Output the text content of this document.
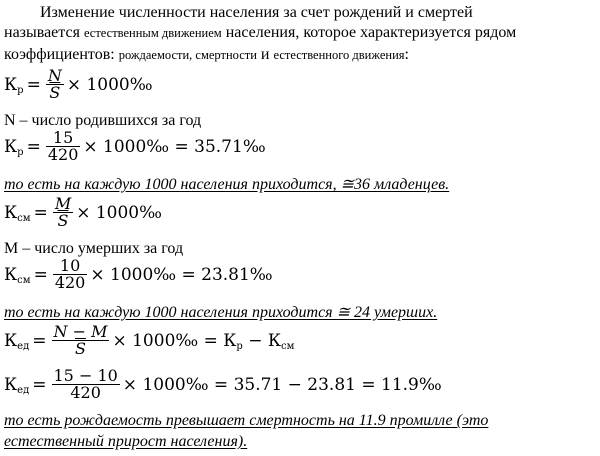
Изменение численности населения за счет рождений и смертей
называется естественным движением населения, которое характеризуется рядом
коэффициентов: рождаемости, смертности и естественного движения:
$К_р = \frac{N}{S}$ × 1000‰
N – число родившихся за год
$К_р = \frac{15}{420}$ × 1000‰ = 35.71‰
то есть на каждую 1000 населения приходится, ≅36 младенцев.
$К_{см} = \frac{M}{S}$ × 1000‰
M – число умерших за год
$К_{см} = \frac{10}{420}$ × 1000‰ = 23.81‰
то есть на каждую 1000 населения приходится ≅ 24 умерших.
$К_{ед} = \frac{N - M}{S}$ × 1000‰ = $К_р - К_{см}$
$К_{ед} = \frac{15 - 10}{420}$ × 1000‰ = 35.71 − 23.81 = 11.9‰
то есть рождаемость превышает смертность на 11.9 промилле (это
естественный прирост населения).
